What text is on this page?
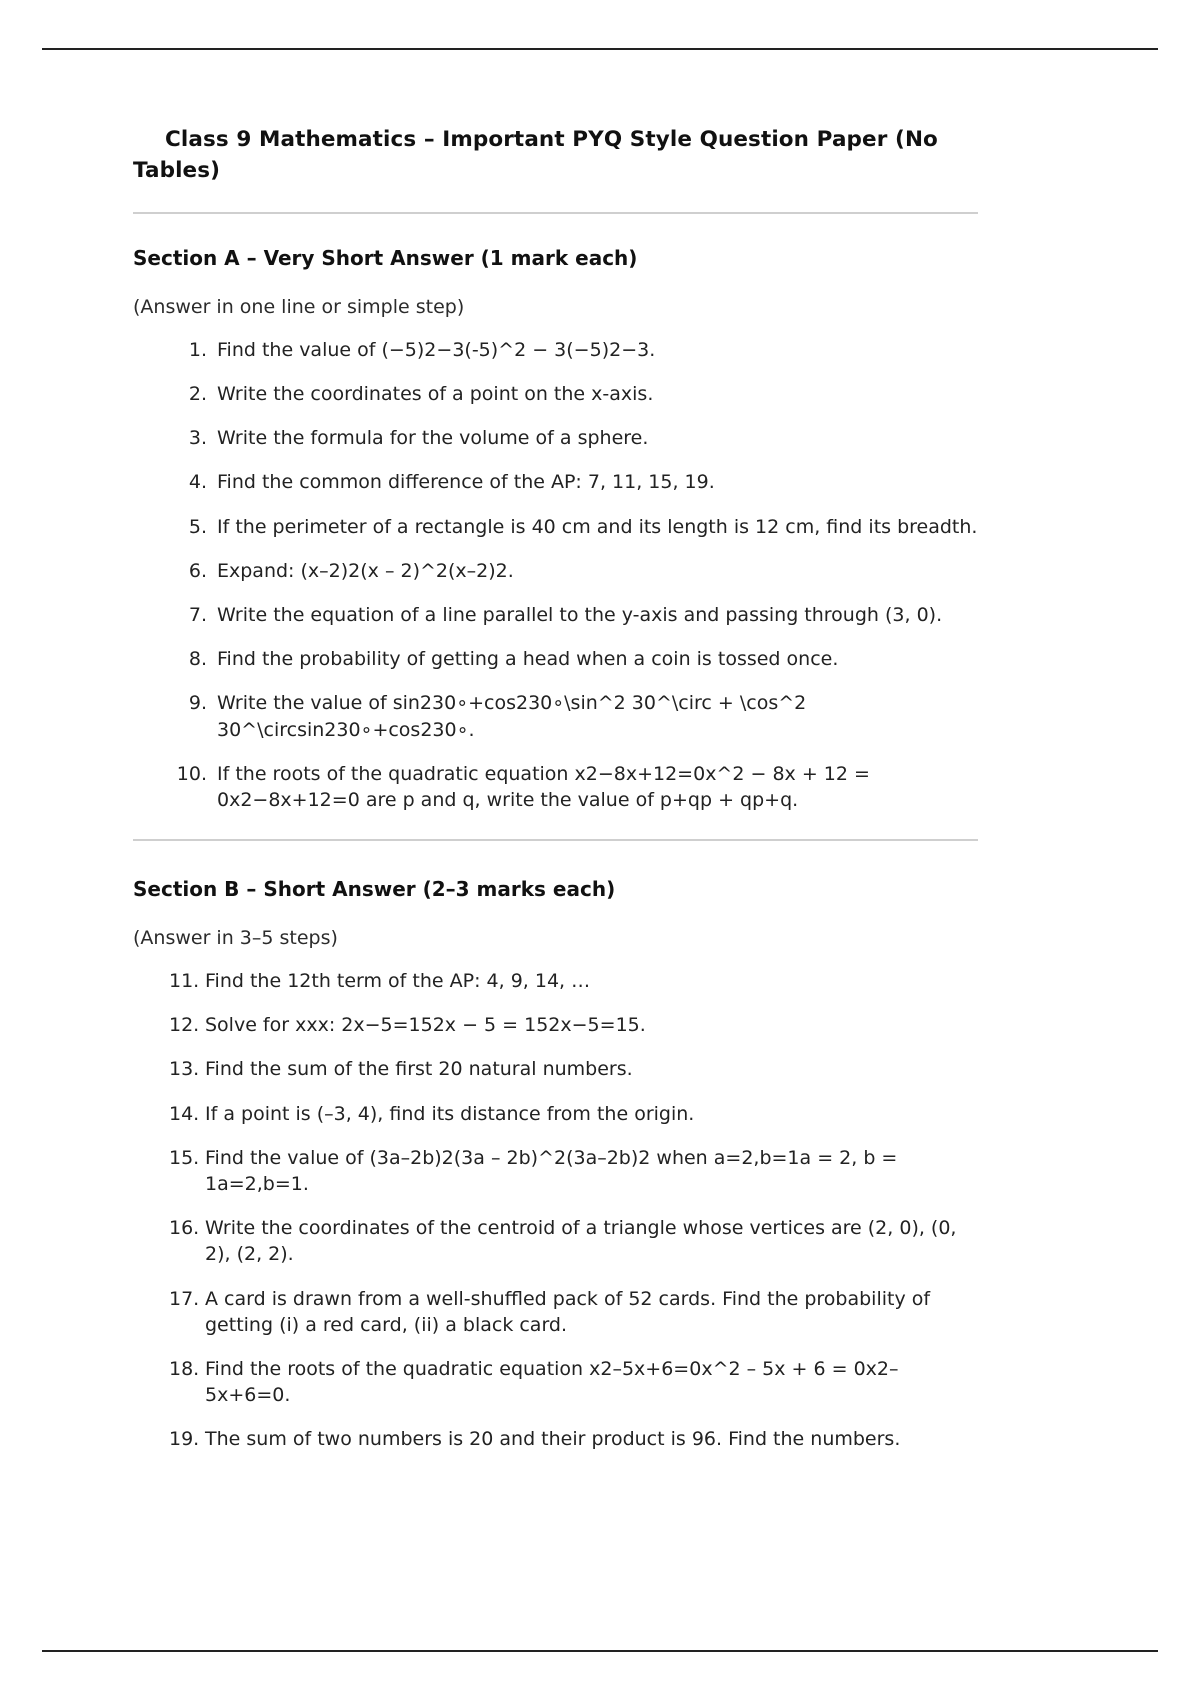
Class 9 Mathematics – Important PYQ Style Question Paper (No Tables)
Section A – Very Short Answer (1 mark each)

(Answer in one line or simple step)

1. Find the value of (−5)2−3(-5)^2 − 3(−5)2−3.
2. Write the coordinates of a point on the x-axis.
3. Write the formula for the volume of a sphere.
4. Find the common difference of the AP: 7, 11, 15, 19.
5. If the perimeter of a rectangle is 40 cm and its length is 12 cm, find its breadth.
6. Expand: (x–2)2(x – 2)^2(x–2)2.
7. Write the equation of a line parallel to the y-axis and passing through (3, 0).
8. Find the probability of getting a head when a coin is tossed once.
9. Write the value of sin230∘+cos230∘\sin^2 30^\circ + \cos^2 30^\circsin230∘+cos230∘.
10. If the roots of the quadratic equation x2−8x+12=0x^2 − 8x + 12 = 0x2−8x+12=0 are p and q, write the value of p+qp + qp+q.
Section B – Short Answer (2–3 marks each)

(Answer in 3–5 steps)

11. Find the 12th term of the AP: 4, 9, 14, …
12. Solve for xxx: 2x−5=152x − 5 = 152x−5=15.
13. Find the sum of the first 20 natural numbers.
14. If a point is (–3, 4), find its distance from the origin.
15. Find the value of (3a–2b)2(3a – 2b)^2(3a–2b)2 when a=2,b=1a = 2, b = 1a=2,b=1.
16. Write the coordinates of the centroid of a triangle whose vertices are (2, 0), (0, 2), (2, 2).
17. A card is drawn from a well-shuffled pack of 52 cards. Find the probability of getting (i) a red card, (ii) a black card.
18. Find the roots of the quadratic equation x2–5x+6=0x^2 – 5x + 6 = 0x2–5x+6=0.
19. The sum of two numbers is 20 and their product is 96. Find the numbers.
